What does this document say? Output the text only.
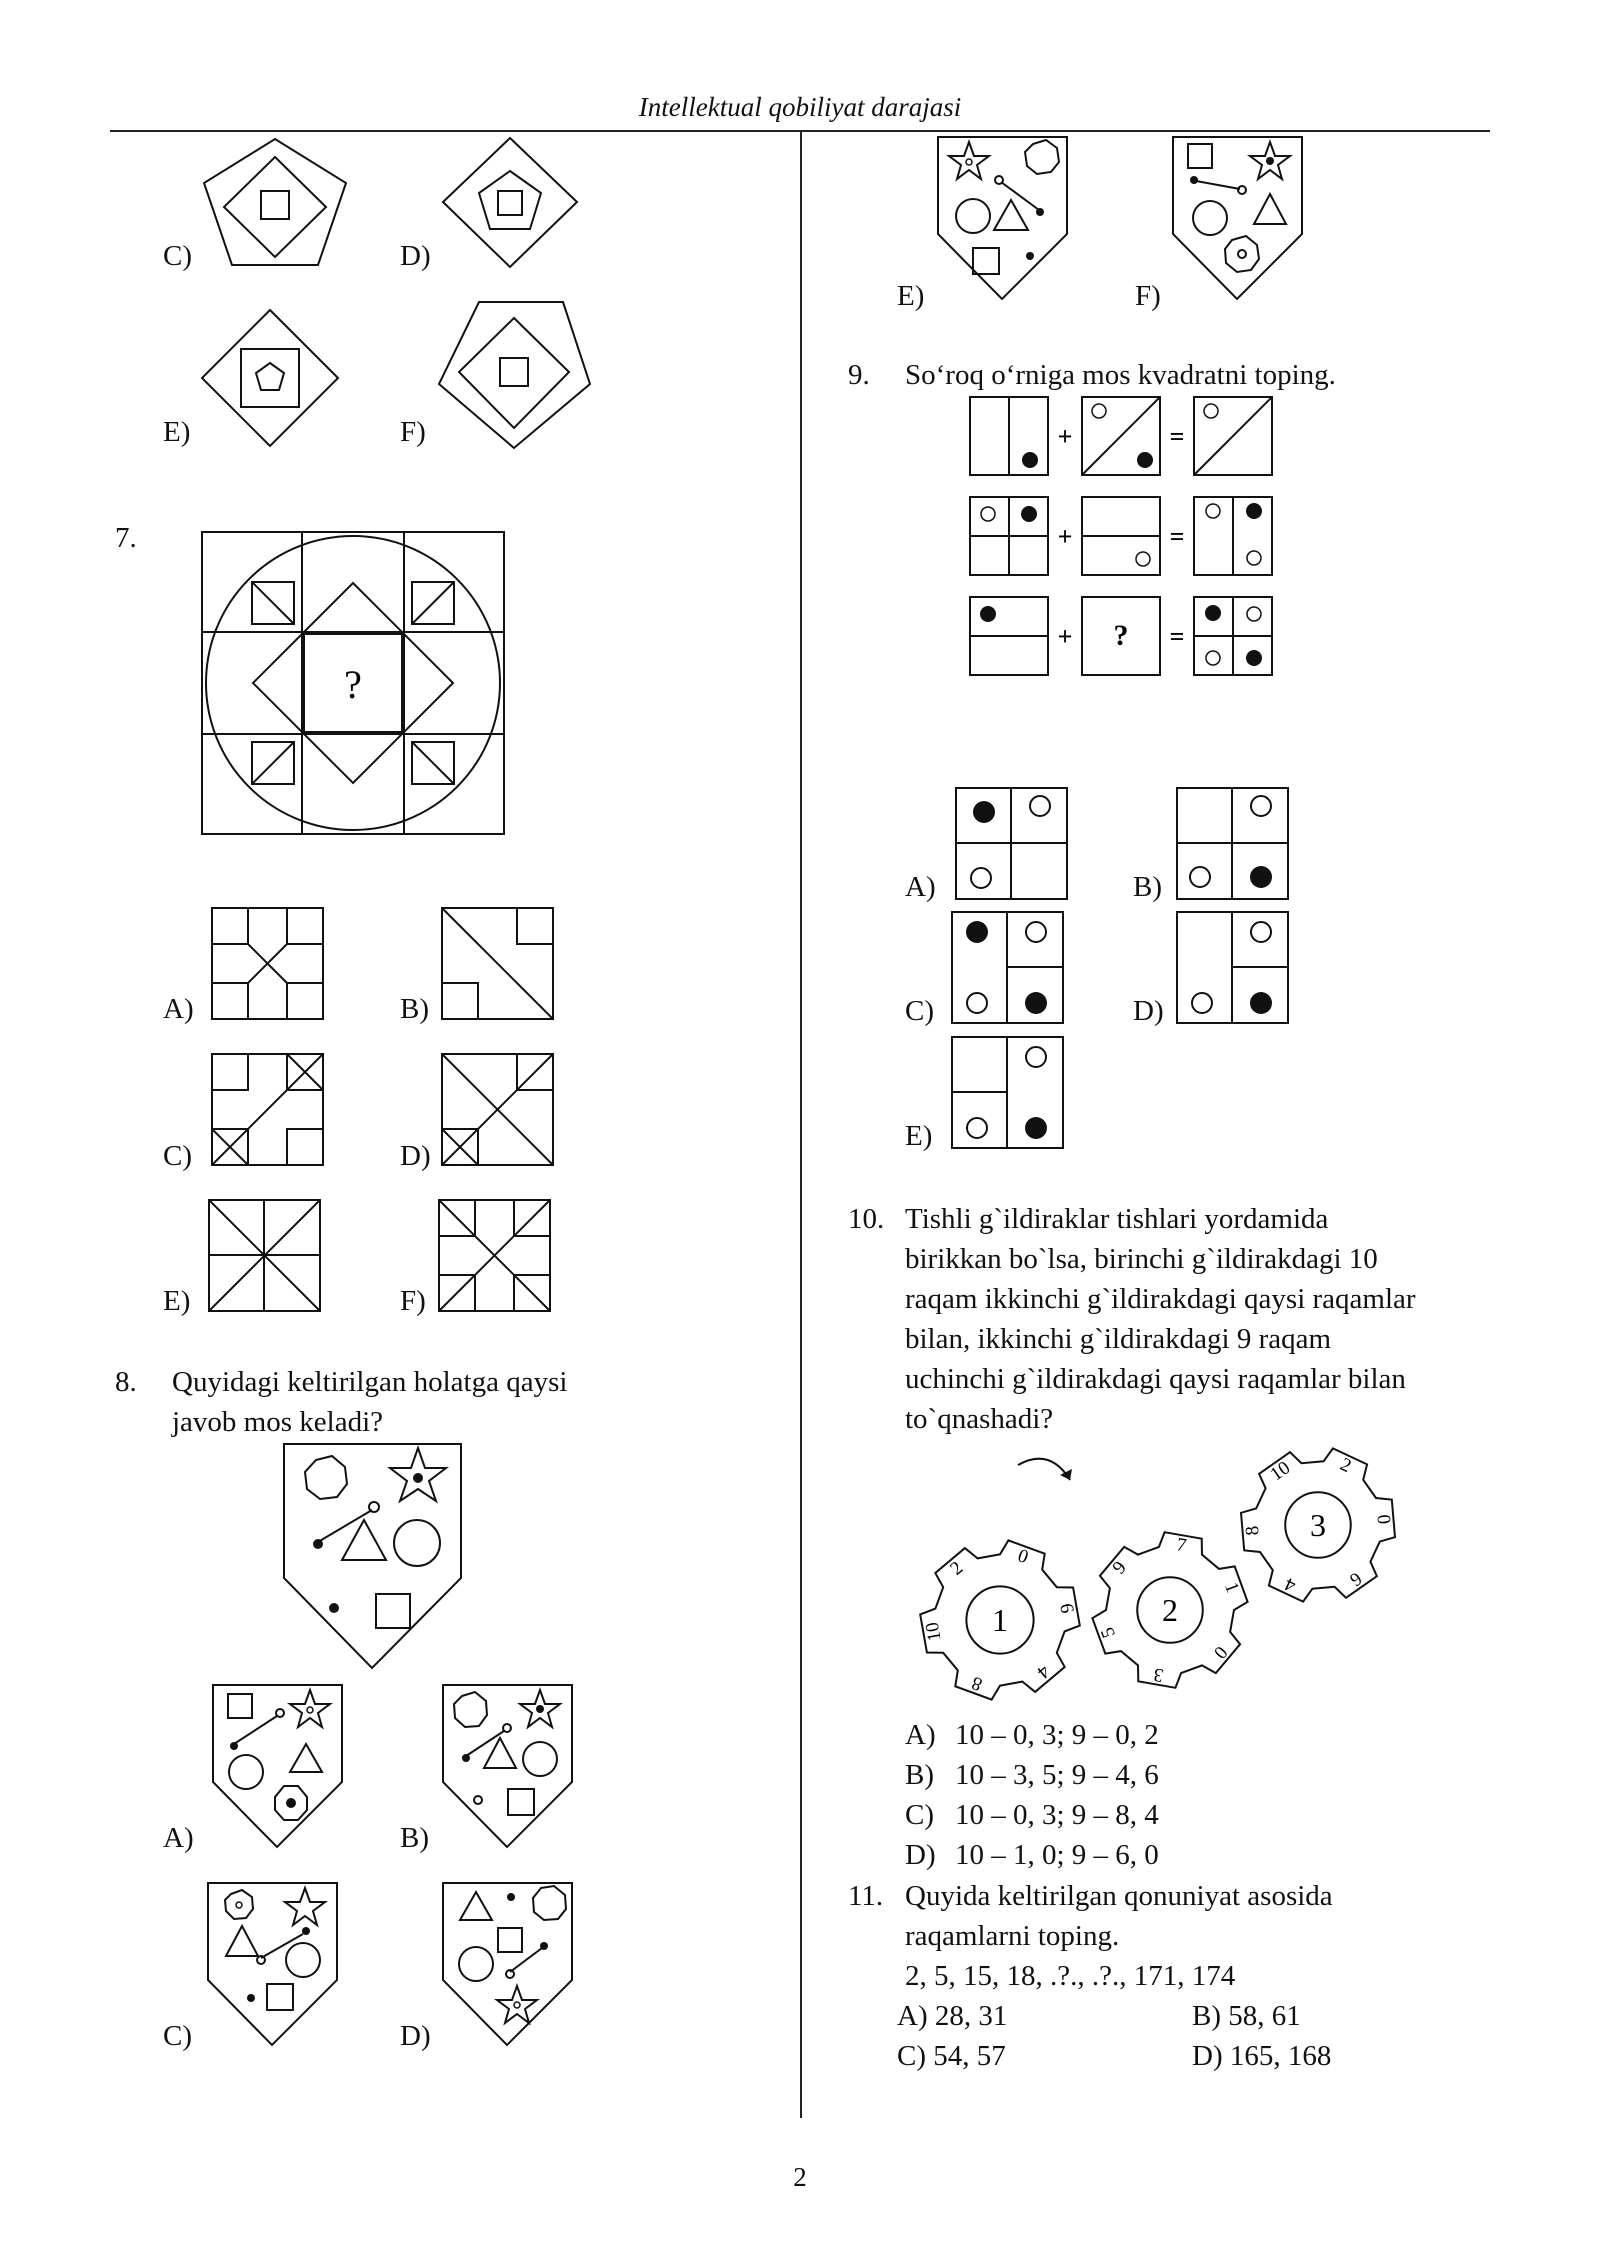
Intellektual qobiliyat darajasi
C)	D)
E)	F)
7.
?
A)	B)
C)	D)
E)	F)
8. Quyidagi keltirilgan holatga qaysi
javob mos keladi?
A)	B)
C)	D)
E)	F)
9. So‘roq o‘rniga mos kvadratni toping.
+	=
+	=
+	=
?
A)	B)
C)	D)
E)
10. Tishli g`ildiraklar tishlari yordamida
birikkan bo`lsa, birinchi g`ildirakdagi 10
raqam ikkinchi g`ildirakdagi qaysi raqamlar
bilan, ikkinchi g`ildirakdagi 9 raqam
uchinchi g`ildirakdagi qaysi raqamlar bilan
to`qnashadi?
1
0
6
4
8
10
2
2
7
1
0
3
5
9
3
2
0
6
4
8
10
A) 10 – 0, 3; 9 – 0, 2
B) 10 – 3, 5; 9 – 4, 6
C) 10 – 0, 3; 9 – 8, 4
D) 10 – 1, 0; 9 – 6, 0
11. Quyida keltirilgan qonuniyat asosida
raqamlarni toping.
2, 5, 15, 18, .?., .?., 171, 174
A) 28, 31	B) 58, 61
C) 54, 57	D) 165, 168
2
